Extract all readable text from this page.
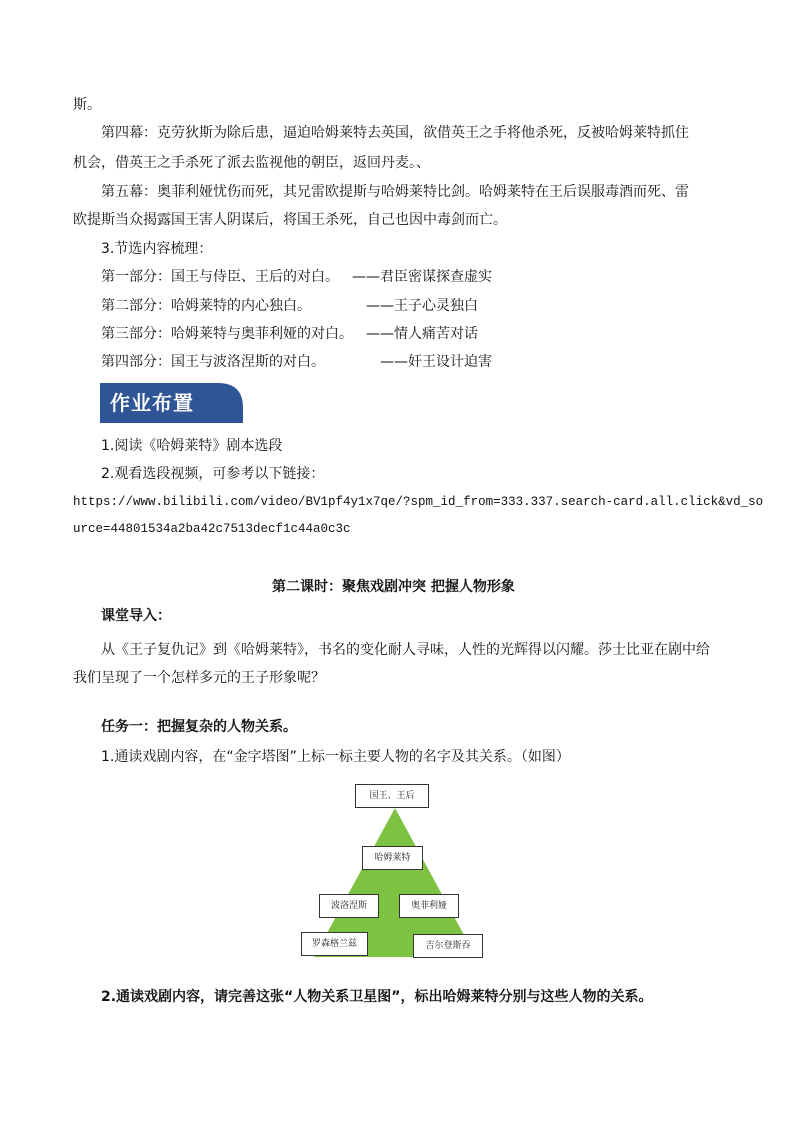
斯。
第四幕：克劳狄斯为除后患，逼迫哈姆莱特去英国，欲借英王之手将他杀死，反被哈姆莱特抓住
机会，借英王之手杀死了派去监视他的朝臣，返回丹麦。、
第五幕：奥菲利娅忧伤而死，其兄雷欧提斯与哈姆莱特比剑。哈姆莱特在王后误服毒酒而死、雷
欧提斯当众揭露国王害人阴谋后，将国王杀死，自己也因中毒剑而亡。
3.节选内容梳理：
第一部分：国王与侍臣、王后的对白。 ——君臣密谋探查虚实
第二部分：哈姆莱特的内心独白。	——王子心灵独白
第三部分：哈姆莱特与奥菲利娅的对白。 ——情人痛苦对话
第四部分：国王与波洛涅斯的对白。	——奸王设计迫害
作业布置
1.阅读《哈姆莱特》剧本选段
2.观看选段视频，可参考以下链接：
https://www.bilibili.com/video/BV1pf4y1x7qe/?spm_id_from=333.337.search-card.all.click&vd_so
urce=44801534a2ba42c7513decf1c44a0c3c
第二课时：聚焦戏剧冲突 把握人物形象
课堂导入：
从《王子复仇记》到《哈姆莱特》，书名的变化耐人寻味，人性的光辉得以闪耀。莎士比亚在剧中给
我们呈现了一个怎样多元的王子形象呢？
任务一：把握复杂的人物关系。
1.通读戏剧内容，在“金字塔图”上标一标主要人物的名字及其关系。（如图）
国王、王后
哈姆莱特
波洛涅斯	奥菲利娅
罗森格兰兹	吉尔登斯吞
2.通读戏剧内容，请完善这张“人物关系卫星图”，标出哈姆莱特分别与这些人物的关系。
